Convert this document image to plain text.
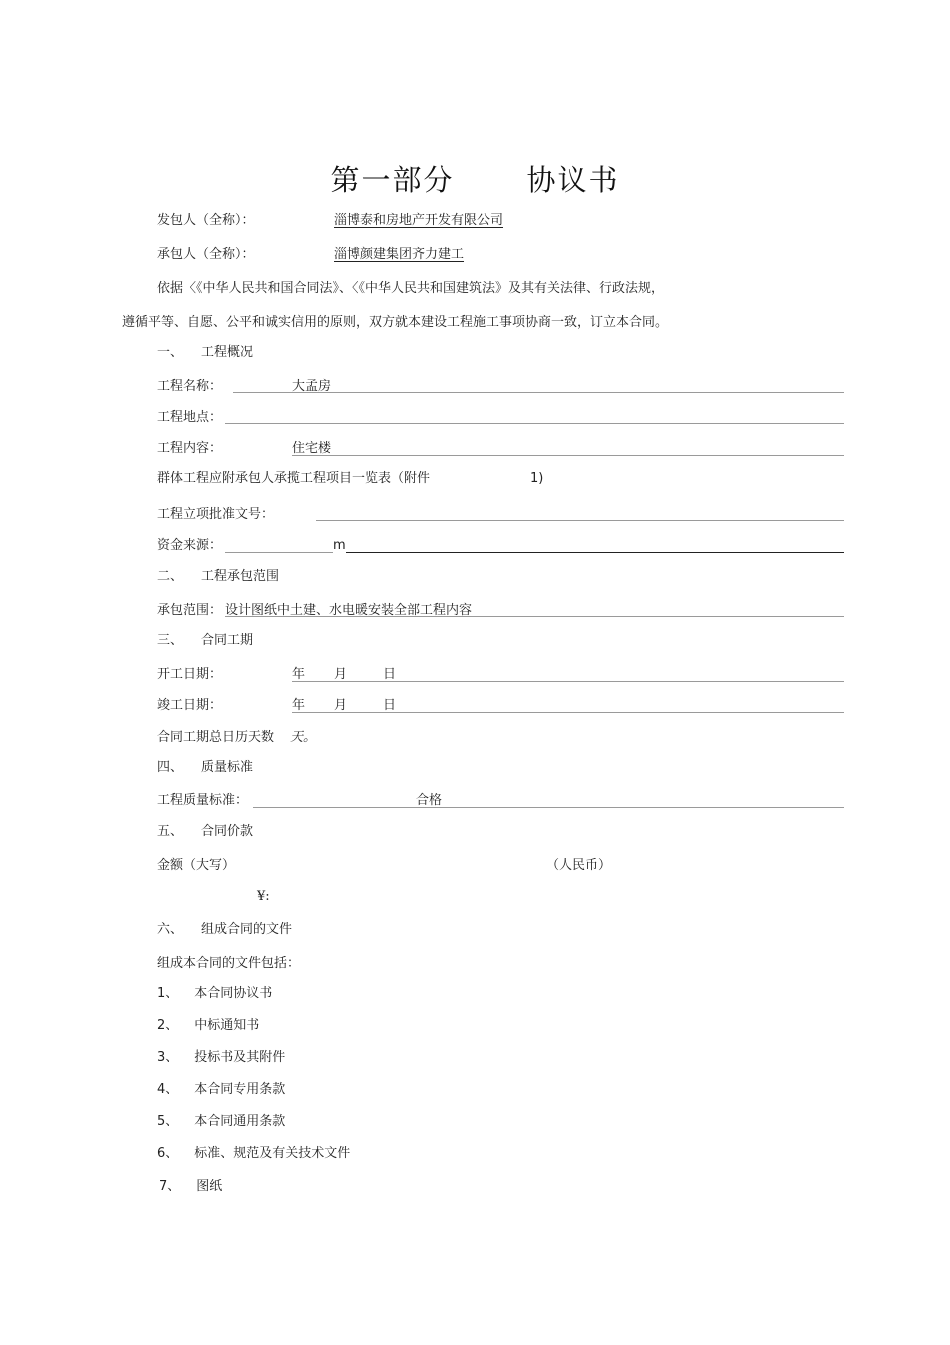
第一部分 协议书
发包人（全称）：	淄博泰和房地产开发有限公司
承包人（全称）：	淄博颜建集团齐力建工
依据〈《中华人民共和国合同法》、〈《中华人民共和国建筑法》及其有关法律、行政法规，
遵循平等、自愿、公平和诚实信用的原则，双方就本建设工程施工事项协商一致，订立本合同。
一、 工程概况
工程名称：	大孟房
工程地点：
工程内容：	住宅楼
群体工程应附承包人承揽工程项目一览表（附件	1)
工程立项批准文号：
资金来源：	m
二、 工程承包范围
承包范围： 设计图纸中土建、水电暖安装全部工程内容
三、 合同工期
开工日期：	年 月	日
竣工日期：	年 月	日
合同工期总日历天数 天。
四、 质量标准
工程质量标准：	合格
五、 合同价款
金额（大写）	（人民币）
¥:
六、 组成合同的文件
组成本合同的文件包括：
1、 本合同协议书
2、 中标通知书
3、 投标书及其附件
4、 本合同专用条款
5、 本合同通用条款
6、 标准、规范及有关技术文件
7、 图纸
